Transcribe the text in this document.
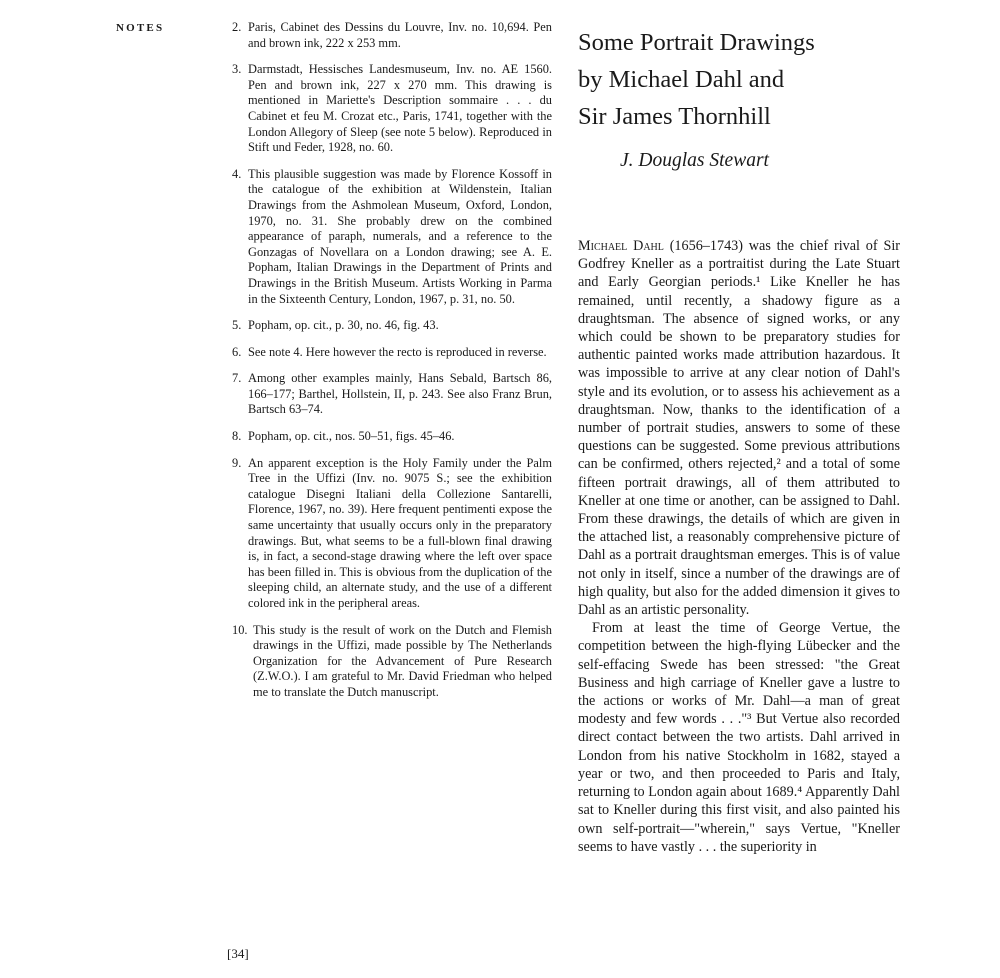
NOTES	2. Paris, Cabinet des Dessins du Louvre, Inv. no. 10,694. Pen and brown ink, 222 x 253 mm.
3. Darmstadt, Hessisches Landesmuseum, Inv. no. AE 1560. Pen and brown ink, 227 x 270 mm. This drawing is mentioned in Mariette's Description sommaire . . . du Cabinet et feu M. Crozat etc., Paris, 1741, together with the London Allegory of Sleep (see note 5 below). Reproduced in Stift und Feder, 1928, no. 60.
4. This plausible suggestion was made by Florence Kossoff in the catalogue of the exhibition at Wildenstein, Italian Drawings from the Ashmolean Museum, Oxford, London, 1970, no. 31. She probably drew on the combined appearance of paraph, numerals, and a reference to the Gonzagas of Novellara on a London drawing; see A. E. Popham, Italian Drawings in the Department of Prints and Drawings in the British Museum. Artists Working in Parma in the Sixteenth Century, London, 1967, p. 31, no. 50.
5. Popham, op. cit., p. 30, no. 46, fig. 43.
6. See note 4. Here however the recto is reproduced in reverse.
7. Among other examples mainly, Hans Sebald, Bartsch 86, 166–177; Barthel, Hollstein, II, p. 243. See also Franz Brun, Bartsch 63–74.
8. Popham, op. cit., nos. 50–51, figs. 45–46.
9. An apparent exception is the Holy Family under the Palm Tree in the Uffizi (Inv. no. 9075 S.; see the exhibition catalogue Disegni Italiani della Collezione Santarelli, Florence, 1967, no. 39). Here frequent pentimenti expose the same uncertainty that usually occurs only in the preparatory drawings. But, what seems to be a full-blown final drawing is, in fact, a second-stage drawing where the left over space has been filled in. This is obvious from the duplication of the sleeping child, an alternate study, and the use of a different colored ink in the peripheral areas.
10. This study is the result of work on the Dutch and Flemish drawings in the Uffizi, made possible by The Netherlands Organization for the Advancement of Pure Research (Z.W.O.). I am grateful to Mr. David Friedman who helped me to translate the Dutch manuscript.
Some Portrait Drawings
by Michael Dahl and
Sir James Thornhill
J. Douglas Stewart

Michael Dahl (1656–1743) was the chief rival of Sir Godfrey Kneller as a portraitist during the Late Stuart and Early Georgian periods.¹ Like Kneller he has remained, until recently, a shadowy figure as a draughtsman. The absence of signed works, or any which could be shown to be preparatory studies for authentic painted works made attribution hazardous. It was impossible to arrive at any clear notion of Dahl's style and its evolution, or to assess his achievement as a draughtsman. Now, thanks to the identification of a number of portrait studies, answers to some of these questions can be suggested. Some previous attributions can be confirmed, others rejected,² and a total of some fifteen portrait drawings, all of them attributed to Kneller at one time or another, can be assigned to Dahl. From these drawings, the details of which are given in the attached list, a reasonably comprehensive picture of Dahl as a portrait draughtsman emerges. This is of value not only in itself, since a number of the drawings are of high quality, but also for the added dimension it gives to Dahl as an artistic personality.

From at least the time of George Vertue, the competition between the high-flying Lübecker and the self-effacing Swede has been stressed: "the Great Business and high carriage of Kneller gave a lustre to the actions or works of Mr. Dahl—a man of great modesty and few words . . ."³ But Vertue also recorded direct contact between the two artists. Dahl arrived in London from his native Stockholm in 1682, stayed a year or two, and then proceeded to Paris and Italy, returning to London again about 1689.⁴ Apparently Dahl sat to Kneller during this first visit, and also painted his own self-portrait—"wherein," says Vertue, "Kneller seems to have vastly . . . the superiority in

[34]
